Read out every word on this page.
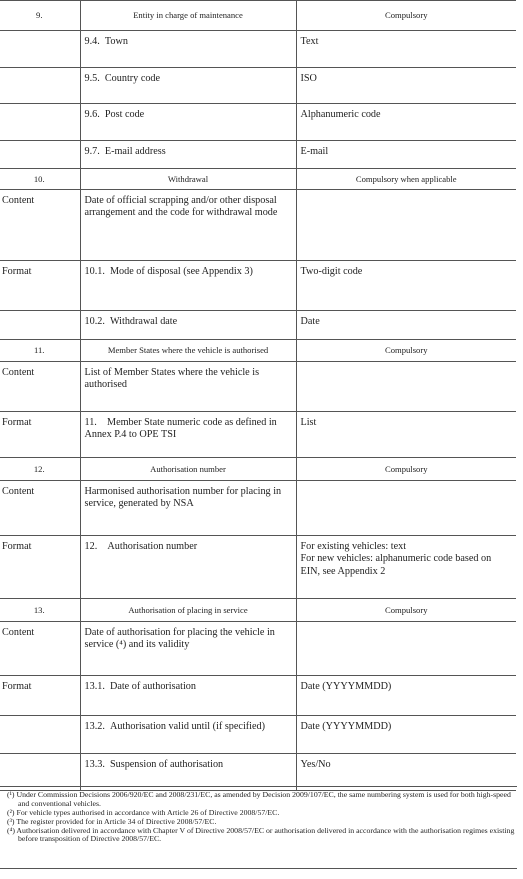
9.	Entity in charge of maintenance	Compulsory
	9.4. Town	Text
	9.5. Country code	ISO
	9.6. Post code	Alphanumeric code
	9.7. E-mail address	E-mail
10.	Withdrawal	Compulsory when applicable
Content	Date of official scrapping and/or other disposal arrangement and the code for withdrawal mode	
Format	10.1. Mode of disposal (see Appendix 3)	Two-digit code
	10.2. Withdrawal date	Date
11.	Member States where the vehicle is authorised	Compulsory
Content	List of Member States where the vehicle is authorised	
Format	11. Member State numeric code as defined in Annex P.4 to OPE TSI	List
12.	Authorisation number	Compulsory
Content	Harmonised authorisation number for placing in service, generated by NSA	
Format	12. Authorisation number	For existing vehicles: text
For new vehicles: alphanumeric code based on EIN, see Appendix 2
13.	Authorisation of placing in service	Compulsory
Content	Date of authorisation for placing the vehicle in service (⁴) and its validity	
Format	13.1. Date of authorisation	Date (YYYYMMDD)
	13.2. Authorisation valid until (if specified)	Date (YYYYMMDD)
	13.3. Suspension of authorisation	Yes/No

(¹) Under Commission Decisions 2006/920/EC and 2008/231/EC, as amended by Decision 2009/107/EC, the same numbering system is used for both high-speed and conventional vehicles.

(²) For vehicle types authorised in accordance with Article 26 of Directive 2008/57/EC.

(³) The register provided for in Article 34 of Directive 2008/57/EC.

(⁴) Authorisation delivered in accordance with Chapter V of Directive 2008/57/EC or authorisation delivered in accordance with the authorisation regimes existing before transposition of Directive 2008/57/EC.
